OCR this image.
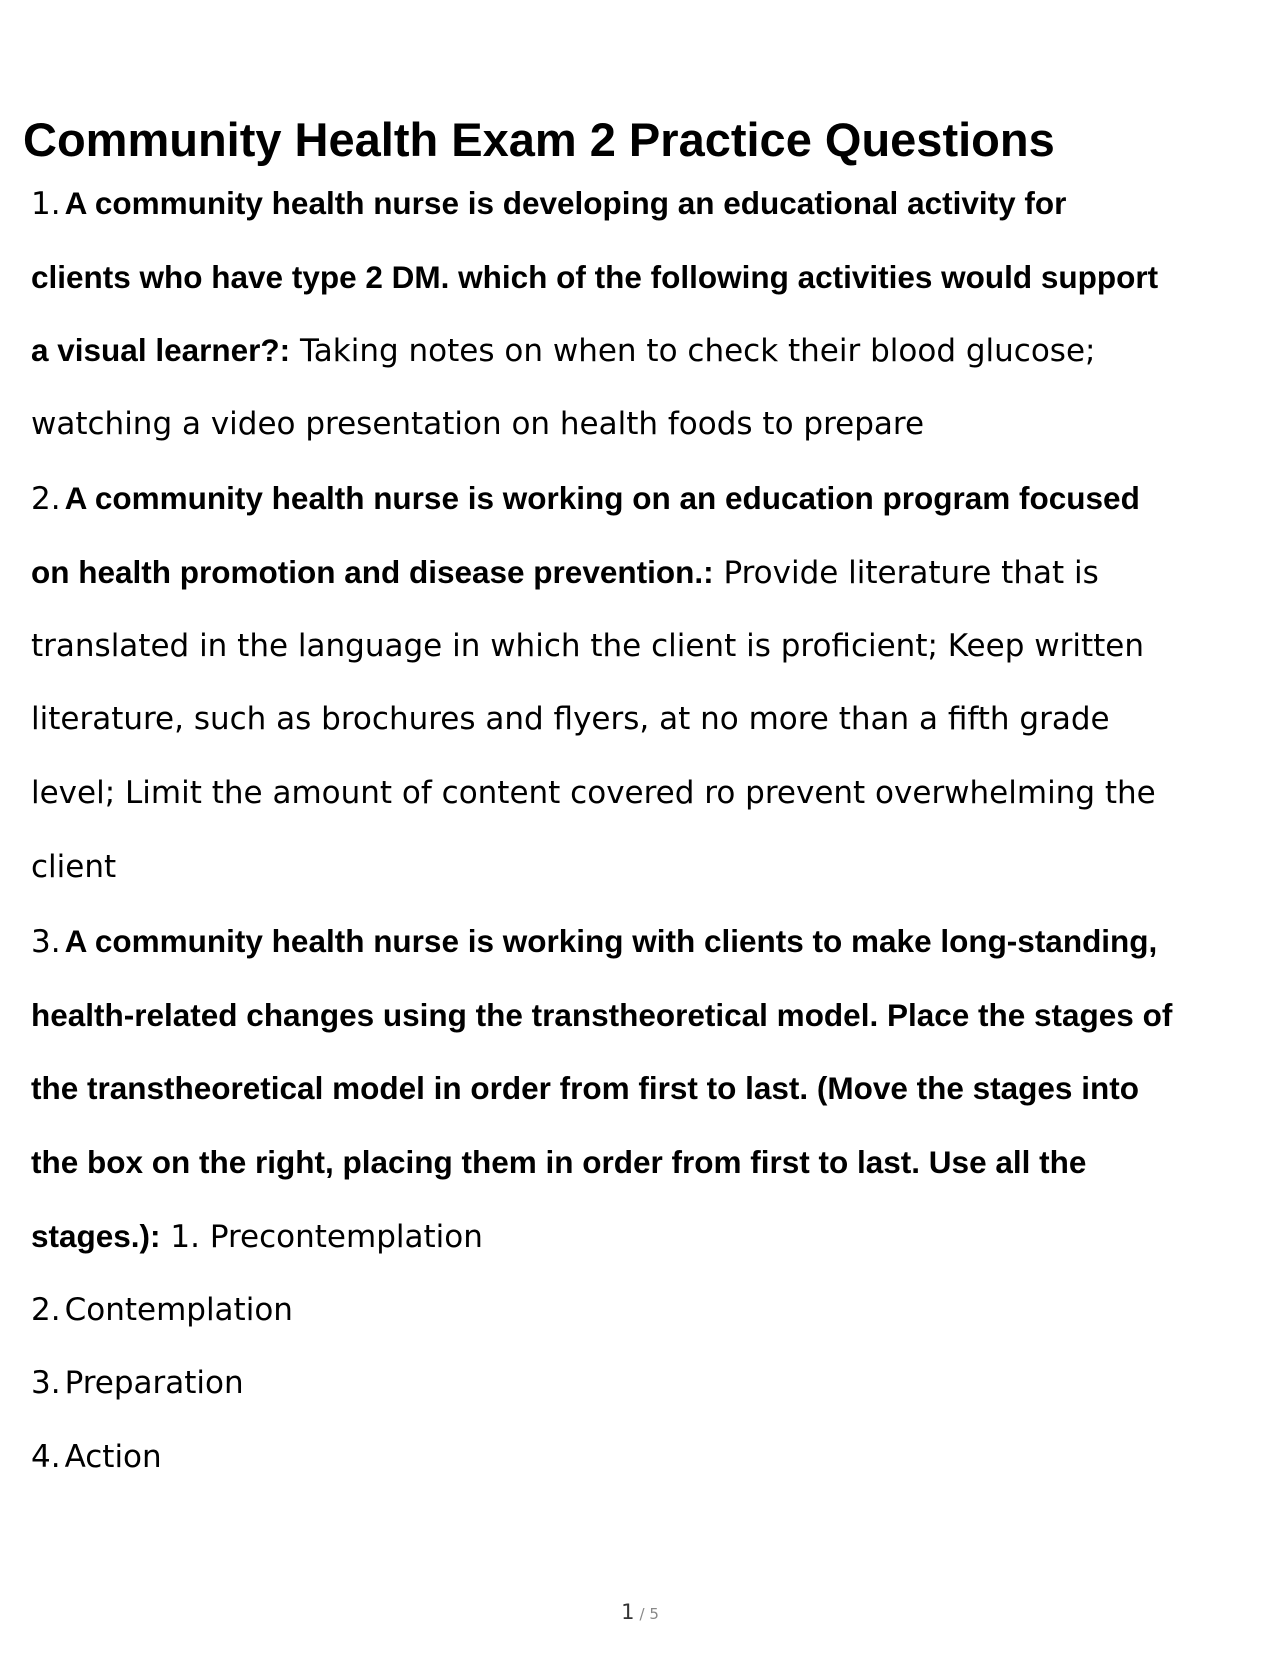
Community Health Exam 2 Practice Questions
1. A community health nurse is developing an educational activity for
clients who have type 2 DM. which of the following activities would support
a visual learner?: Taking notes on when to check their blood glucose;
watching a video presentation on health foods to prepare
2. A community health nurse is working on an education program focused
on health promotion and disease prevention.: Provide literature that is
translated in the language in which the client is proficient; Keep written
literature, such as brochures and flyers, at no more than a fifth grade
level; Limit the amount of content covered ro prevent overwhelming the
client
3. A community health nurse is working with clients to make long-standing,
health-related changes using the transtheoretical model. Place the stages of
the transtheoretical model in order from first to last. (Move the stages into
the box on the right, placing them in order from first to last. Use all the
stages.): 1. Precontemplation
2. Contemplation
3. Preparation
4. Action
1 / 5
